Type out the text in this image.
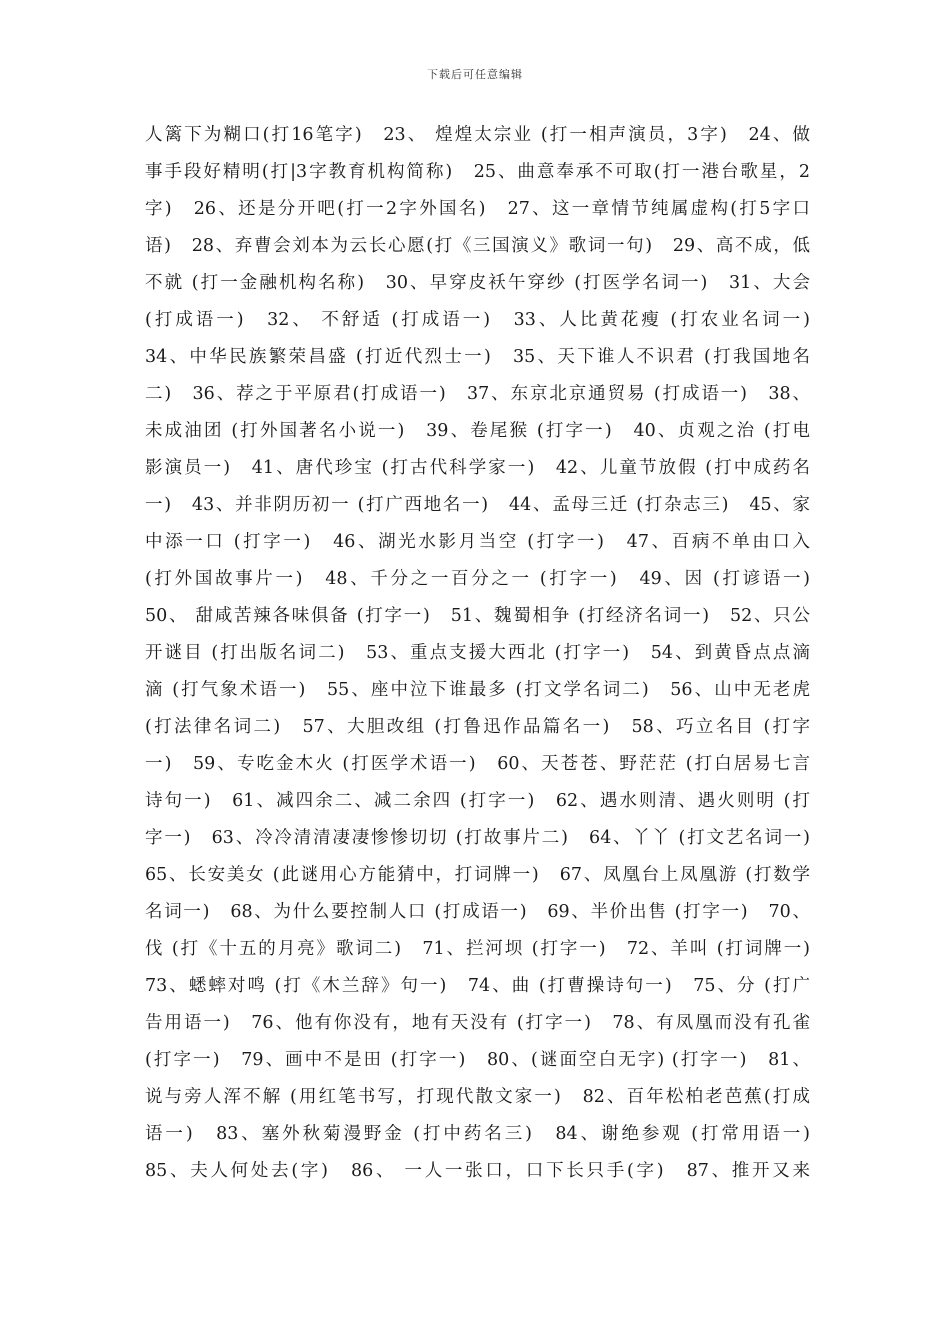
下载后可任意编辑
人篱下为糊口(打16笔字)　23、 煌煌太宗业 (打一相声演员，3字)　24、做
事手段好精明(打|3字教育机构简称)　25、曲意奉承不可取(打一港台歌星，2
字)　26、还是分开吧(打一2字外国名)　27、这一章情节纯属虚构(打5字口
语)　28、弃曹会刘本为云长心愿(打《三国演义》歌词一句)　29、高不成，低
不就 (打一金融机构名称)　30、早穿皮袄午穿纱 (打医学名词一)　31、大会
(打成语一)　32、 不舒适 (打成语一)　33、人比黄花瘦 (打农业名词一)
34、中华民族繁荣昌盛 (打近代烈士一)　35、天下谁人不识君 (打我国地名
二)　36、荐之于平原君(打成语一)　37、东京北京通贸易 (打成语一)　38、
未成油团 (打外国著名小说一)　39、卷尾猴 (打字一)　40、贞观之治 (打电
影演员一)　41、唐代珍宝 (打古代科学家一)　42、儿童节放假 (打中成药名
一)　43、并非阴历初一 (打广西地名一)　44、孟母三迁 (打杂志三)　45、家
中添一口 (打字一)　46、湖光水影月当空 (打字一)　47、百病不单由口入
(打外国故事片一)　48、千分之一百分之一 (打字一)　49、因 (打谚语一)
50、 甜咸苦辣各味俱备 (打字一)　51、魏蜀相争 (打经济名词一)　52、只公
开谜目 (打出版名词二)　53、重点支援大西北 (打字一)　54、到黄昏点点滴
滴 (打气象术语一)　55、座中泣下谁最多 (打文学名词二)　56、山中无老虎
(打法律名词二)　57、大胆改组 (打鲁迅作品篇名一)　58、巧立名目 (打字
一)　59、专吃金木火 (打医学术语一)　60、天苍苍、野茫茫 (打白居易七言
诗句一)　61、减四余二、减二余四 (打字一)　62、遇水则清、遇火则明 (打
字一)　63、冷冷清清凄凄惨惨切切 (打故事片二)　64、丫丫 (打文艺名词一)
65、长安美女 (此谜用心方能猜中，打词牌一)　67、凤凰台上凤凰游 (打数学
名词一)　68、为什么要控制人口 (打成语一)　69、半价出售 (打字一)　70、
伐 (打《十五的月亮》歌词二)　71、拦河坝 (打字一)　72、羊叫 (打词牌一)
73、蟋蟀对鸣 (打《木兰辞》句一)　74、曲 (打曹操诗句一)　75、分 (打广
告用语一)　76、他有你没有，地有天没有 (打字一)　78、有凤凰而没有孔雀
(打字一)　79、画中不是田 (打字一)　80、(谜面空白无字) (打字一)　81、
说与旁人浑不解 (用红笔书写，打现代散文家一)　82、百年松柏老芭蕉(打成
语一)　83、塞外秋菊漫野金 (打中药名三)　84、谢绝参观 (打常用语一)
85、夫人何处去(字)　86、 一人一张口，口下长只手(字)　87、推开又来
